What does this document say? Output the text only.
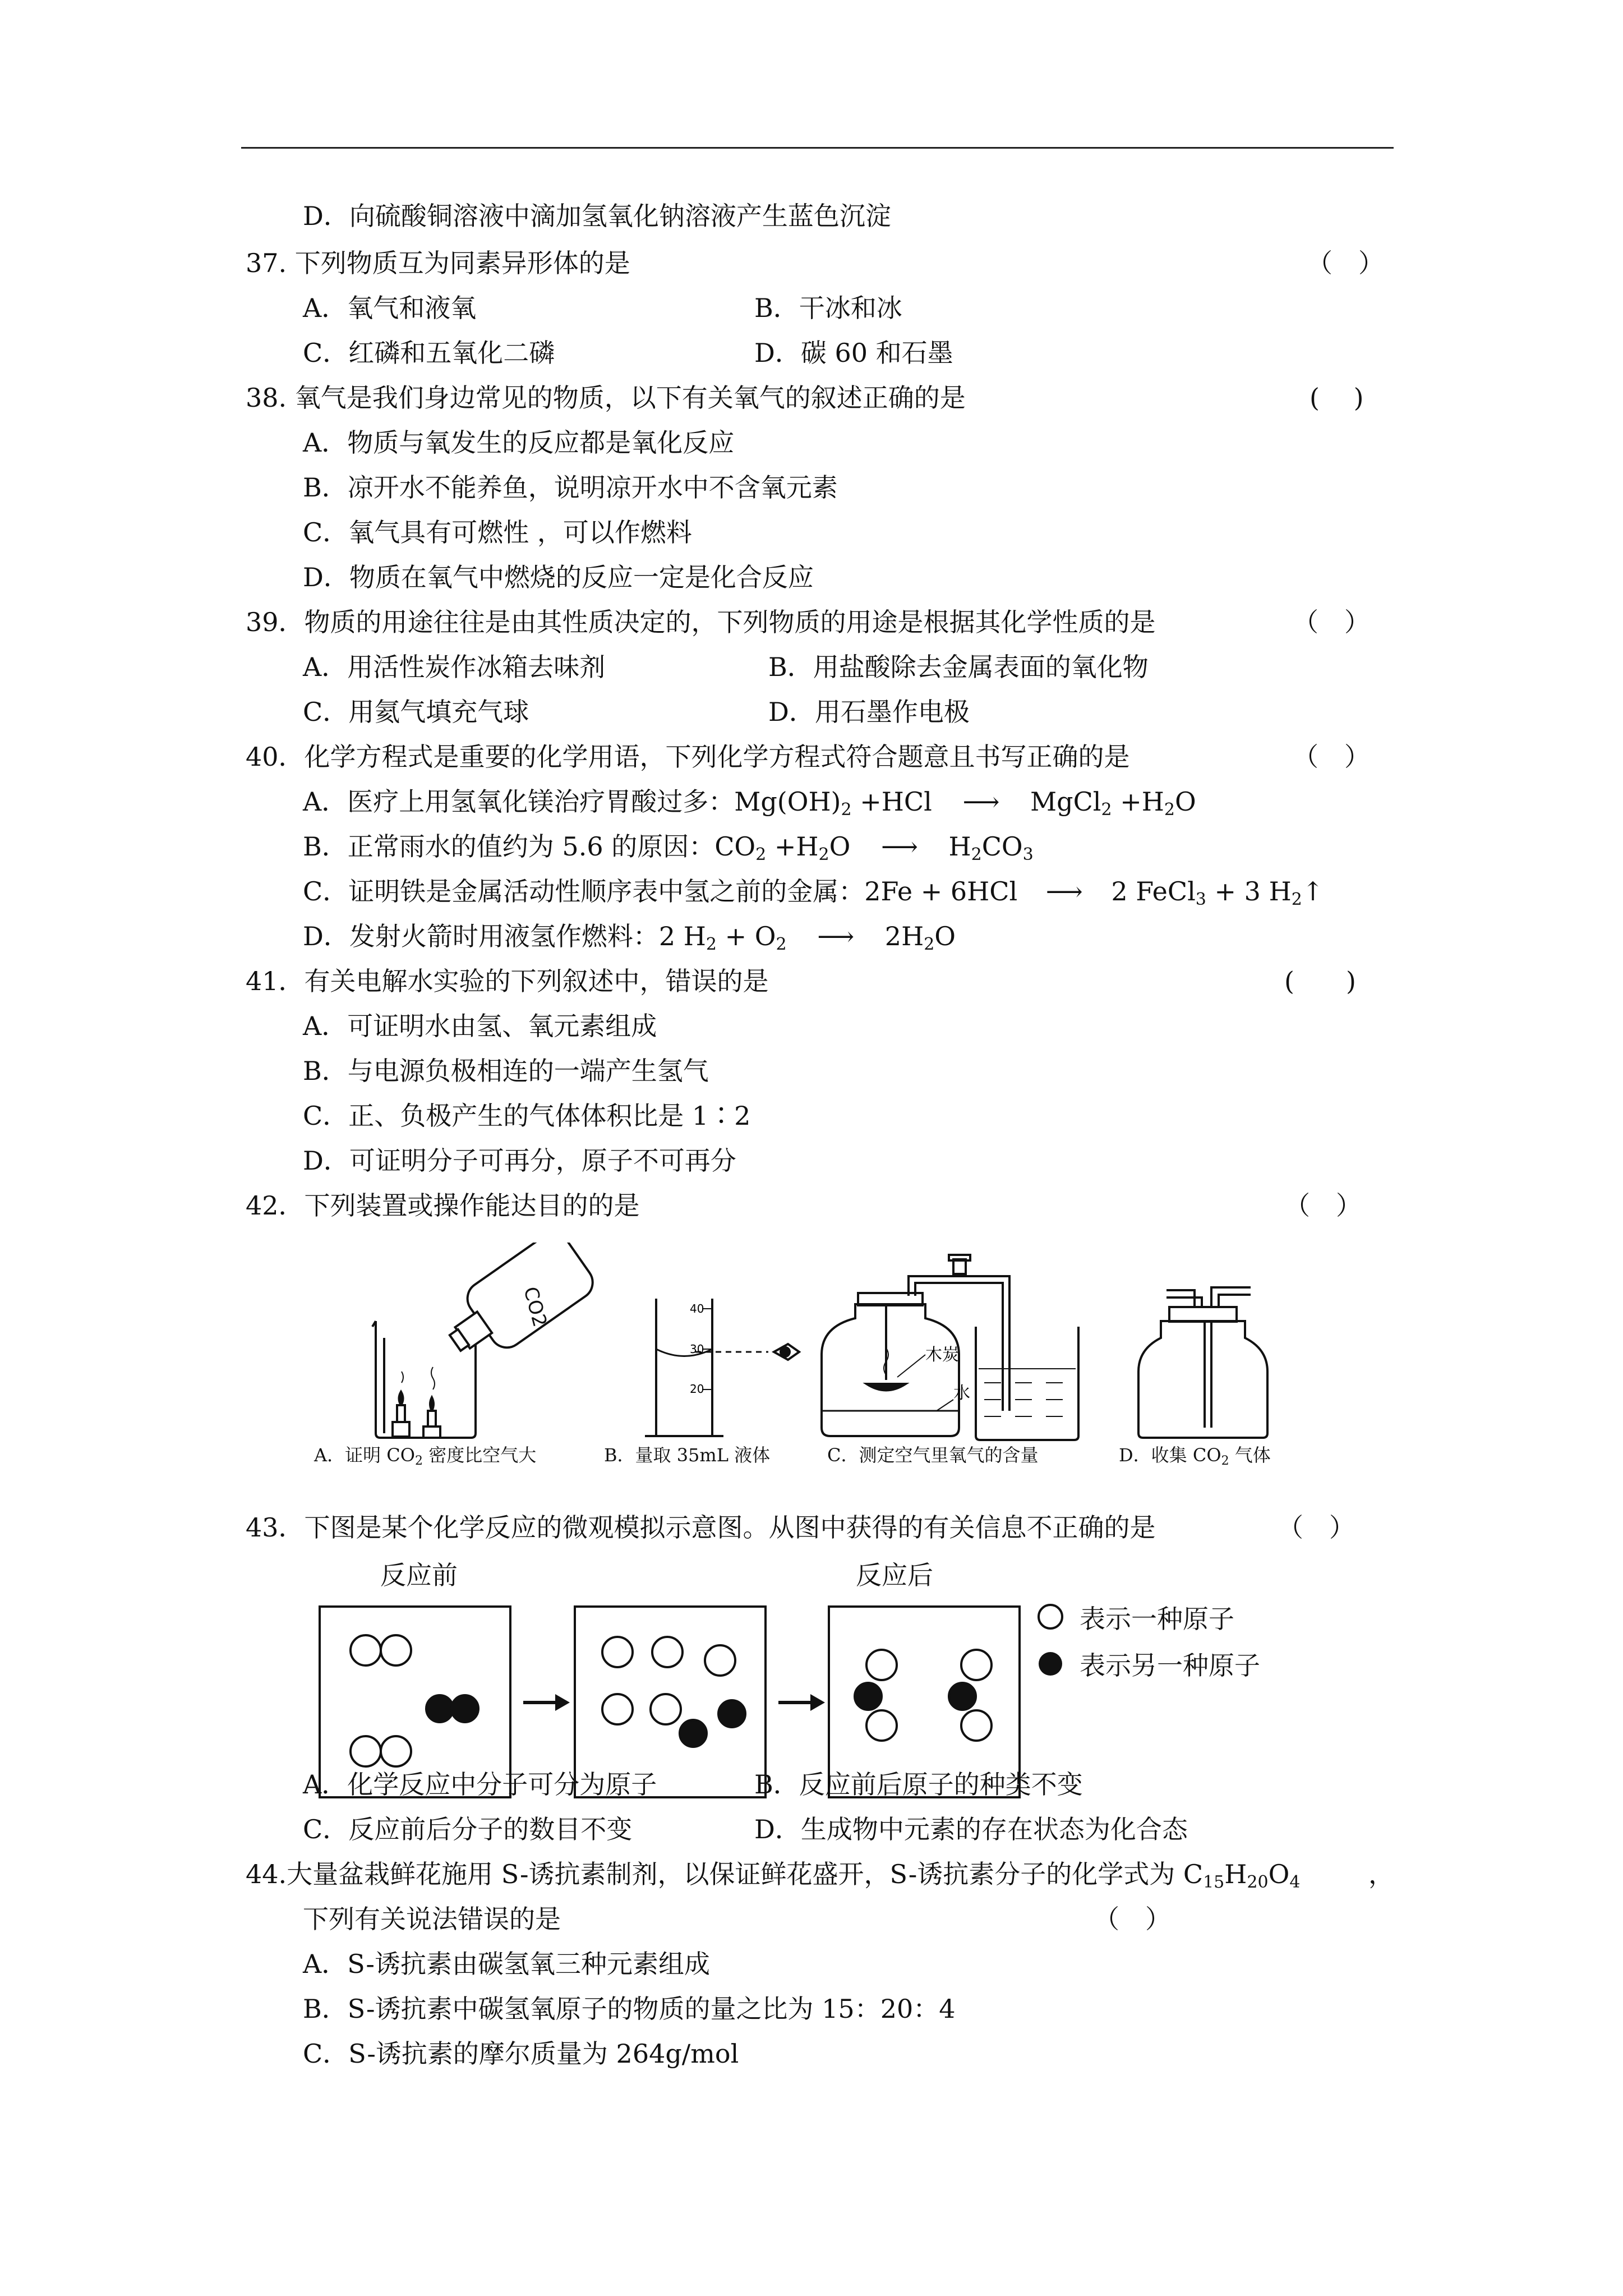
D．向硫酸铜溶液中滴加氢氧化钠溶液产生蓝色沉淀
37. 下列物质互为同素异形体的是	（　）
A．氧气和液氧	B．干冰和冰
C．红磷和五氧化二磷	D．碳 60 和石墨
38. 氧气是我们身边常见的物质，以下有关氧气的叙述正确的是	(　 )
A．物质与氧发生的反应都是氧化反应
B．凉开水不能养鱼，说明凉开水中不含氧元素
C．氧气具有可燃性 ，可以作燃料
D．物质在氧气中燃烧的反应一定是化合反应
39．物质的用途往往是由其性质决定的，下列物质的用途是根据其化学性质的是	（　）
A．用活性炭作冰箱去味剂	B．用盐酸除去金属表面的氧化物
C．用氦气填充气球	D．用石墨作电极
40．化学方程式是重要的化学用语，下列化学方程式符合题意且书写正确的是	（　）
A．医疗上用氢氧化镁治疗胃酸过多：$Mg(OH)_2 +HCl$ ⟶ MgCl$_2$ $+H_2O$
B．正常雨水的值约为 5.6 的原因：$CO_2 +H_2O$ ⟶ $H_2CO_3$
C．证明铁是金属活动性顺序表中氢之前的金属：2Fe + 6HCl ⟶ 2 FeCl$_3$ + 3 $H_2↑$
D．发射火箭时用液氢作燃料：2 $H_2 + O_2$ ⟶ $2H_2O$
41．有关电解水实验的下列叙述中，错误的是	(　　)
A．可证明水由氢、氧元素组成
B．与电源负极相连的一端产生氢气
C．正、负极产生的气体体积比是 1∶2
D．可证明分子可再分，原子不可再分
42．下列装置或操作能达目的的是	（　）
CO2	40
30
20
木炭
水
A．证明 $CO_2$ 密度比空气大	B．量取 35mL 液体	C．测定空气里氧气的含量	D．收集 $CO_2$ 气体
43．下图是某个化学反应的微观模拟示意图。从图中获得的有关信息不正确的是	（　）
反应前	反应后
表示一种原子
表示另一种原子
A．化学反应中分子可分为原子	B．反应前后原子的种类不变
C．反应前后分子的数目不变	D．生成物中元素的存在状态为化合态
44.大量盆栽鲜花施用 S-诱抗素制剂，以保证鲜花盛开，S-诱抗素分子的化学式为 $C_{15}H_{20}O_4$	，
下列有关说法错误的是	（　）
A．S-诱抗素由碳氢氧三种元素组成
B．S-诱抗素中碳氢氧原子的物质的量之比为 15：20：4
C．S-诱抗素的摩尔质量为 264g/mol
